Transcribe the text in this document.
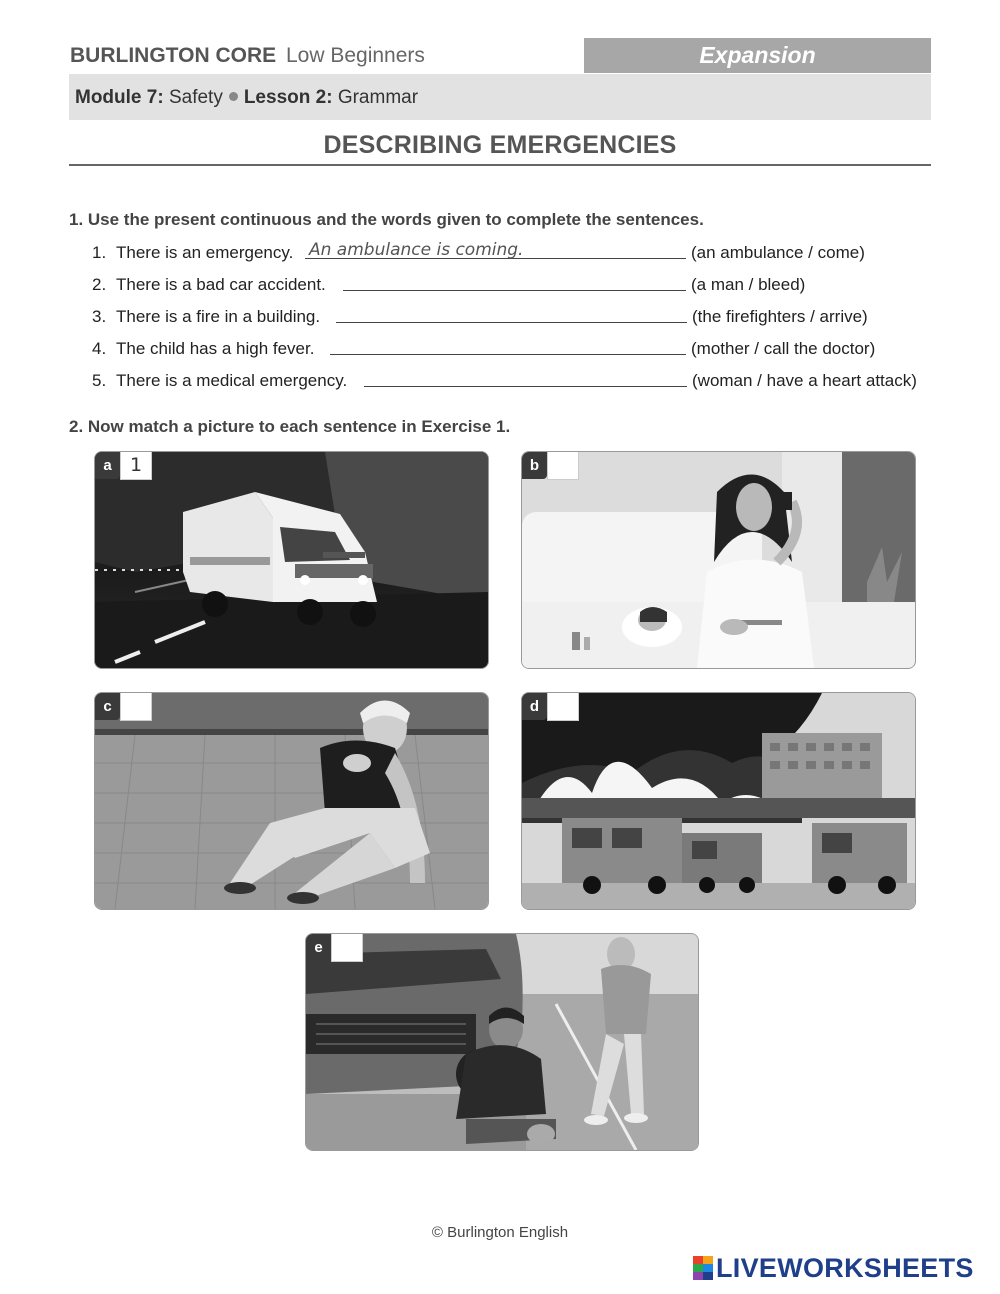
BURLINGTON CORE Low Beginners	Expansion
Module 7: Safety Lesson 2: Grammar
DESCRIBING EMERGENCIES
1. Use the present continuous and the words given to complete the sentences.
1. There is an emergency. An ambulance is coming.	(an ambulance / come)
2. There is a bad car accident.	(a man / bleed)
3. There is a fire in a building.	(the firefighters / arrive)
4. The child has a high fever.	(mother / call the doctor)
5. There is a medical emergency.	(woman / have a heart attack)
2. Now match a picture to each sentence in Exercise 1.
a 1	b
c	d
e
© Burlington English
LIVEWORKSHEETS
